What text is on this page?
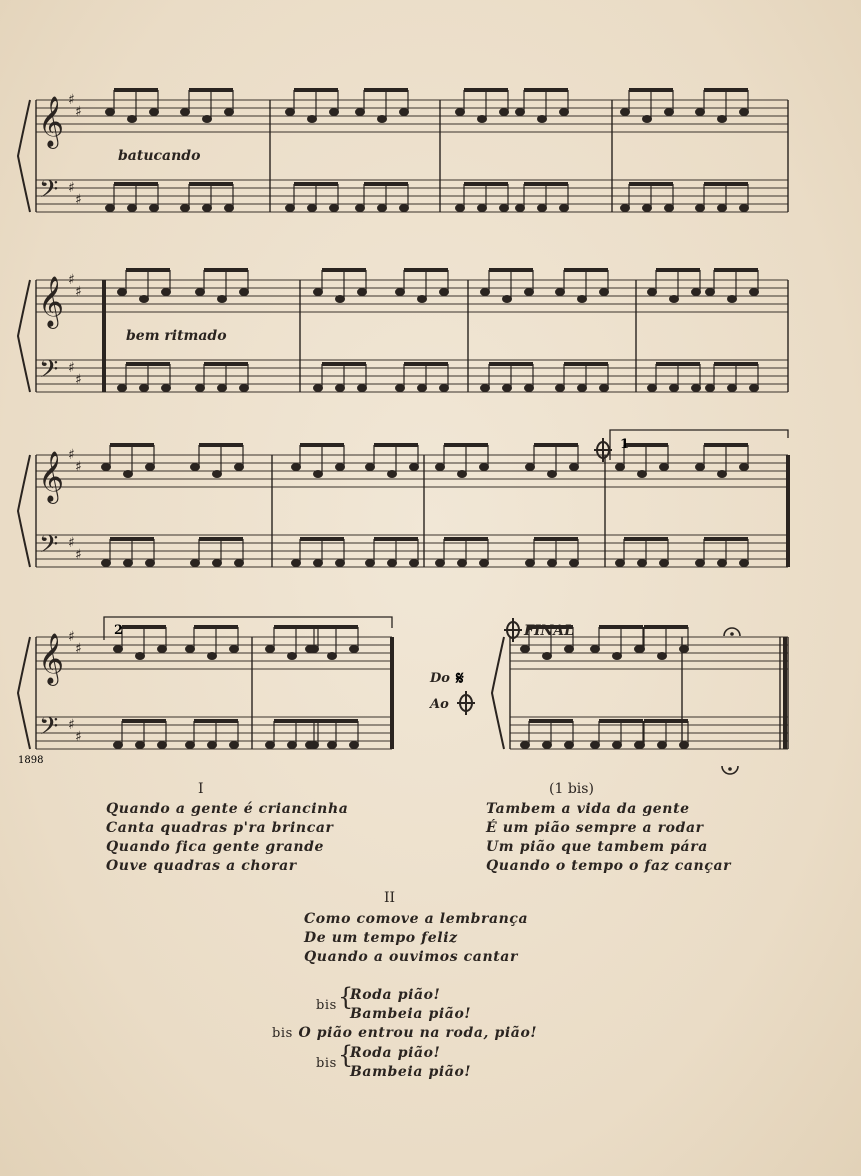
𝄞
𝄢
♯
♯
♯
♯
𝄞
𝄢
♯
♯
♯
♯
𝄞
𝄢
♯
♯
♯
♯
𝄞
𝄢
♯
♯
♯
♯
batucando
bem ritmado
1
2	FINAL
Do 𝄋
Ao
1898
I
Quando a gente é criancinha
Canta quadras p'ra brincar
Quando fica gente grande
Ouve quadras a chorar
(1 bis)
Tambem a vida da gente
É um pião sempre a rodar
Um pião que tambem pára
Quando o tempo o faz cançar
II
Como comove a lembrança
De um tempo feliz
Quando a ouvimos cantar
bis {
Roda pião!
Bambeia pião!
bis O pião entrou na roda, pião!
bis {
Roda pião!
Bambeia pião!
